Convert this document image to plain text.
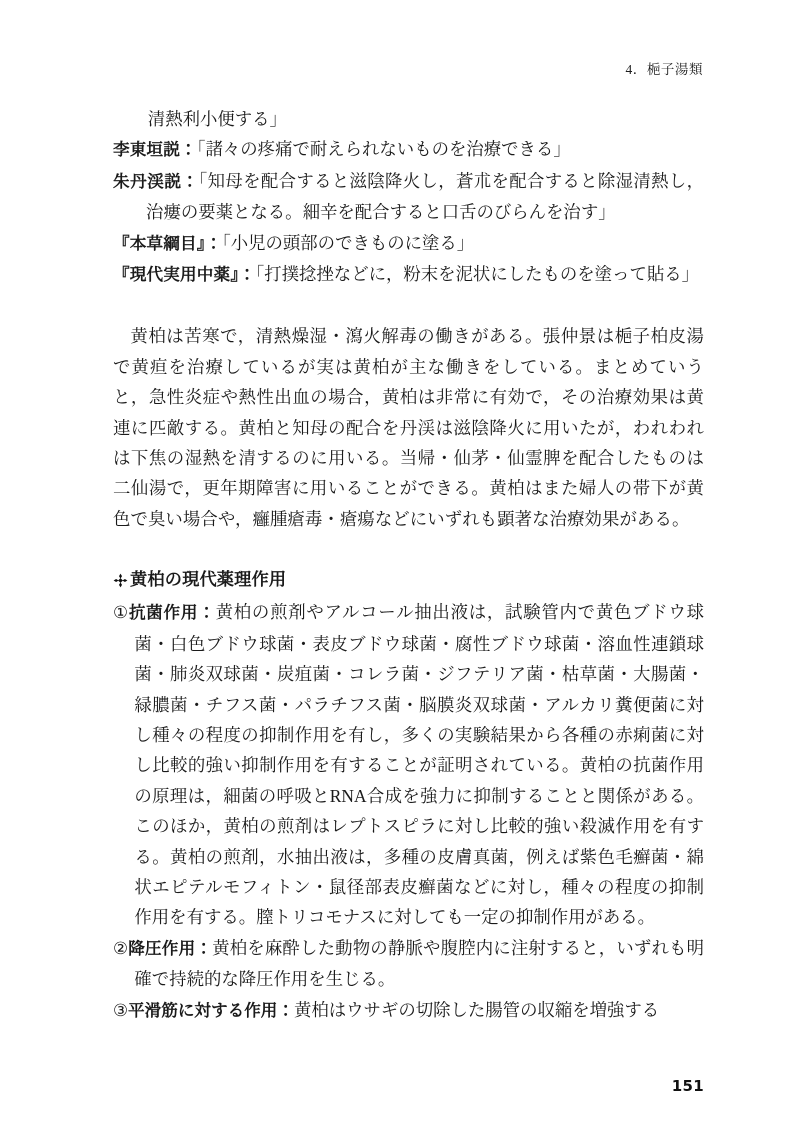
4．梔子湯類
清熱利小便する」
李東垣説：「諸々の疼痛で耐えられないものを治療できる」
朱丹渓説：「知母を配合すると滋陰降火し，蒼朮を配合すると除湿清熱し，治瘻の要薬となる。細辛を配合すると口舌のびらんを治す」
『本草綱目』：「小児の頭部のできものに塗る」
『現代実用中薬』：「打撲捻挫などに，粉末を泥状にしたものを塗って貼る」

黄柏は苦寒で，清熱燥湿・瀉火解毒の働きがある。張仲景は梔子柏皮湯で黄疸を治療しているが実は黄柏が主な働きをしている。まとめていうと，急性炎症や熱性出血の場合，黄柏は非常に有効で，その治療効果は黄連に匹敵する。黄柏と知母の配合を丹渓は滋陰降火に用いたが，われわれは下焦の湿熱を清するのに用いる。当帰・仙茅・仙霊脾を配合したものは二仙湯で，更年期障害に用いることができる。黄柏はまた婦人の帯下が黄色で臭い場合や，癰腫瘡毒・瘡瘍などにいずれも顕著な治療効果がある。

黄柏の現代薬理作用
①抗菌作用：黄柏の煎剤やアルコール抽出液は，試験管内で黄色ブドウ球菌・白色ブドウ球菌・表皮ブドウ球菌・腐性ブドウ球菌・溶血性連鎖球菌・肺炎双球菌・炭疽菌・コレラ菌・ジフテリア菌・枯草菌・大腸菌・緑膿菌・チフス菌・パラチフス菌・脳膜炎双球菌・アルカリ糞便菌に対し種々の程度の抑制作用を有し，多くの実験結果から各種の赤痢菌に対し比較的強い抑制作用を有することが証明されている。黄柏の抗菌作用の原理は，細菌の呼吸とRNA合成を強力に抑制することと関係がある。このほか，黄柏の煎剤はレプトスピラに対し比較的強い殺滅作用を有する。黄柏の煎剤，水抽出液は，多種の皮膚真菌，例えば紫色毛癬菌・綿状エピテルモフィトン・鼠径部表皮癬菌などに対し，種々の程度の抑制作用を有する。膣トリコモナスに対しても一定の抑制作用がある。
②降圧作用：黄柏を麻酔した動物の静脈や腹腔内に注射すると，いずれも明確で持続的な降圧作用を生じる。
③平滑筋に対する作用：黄柏はウサギの切除した腸管の収縮を増強する
151
